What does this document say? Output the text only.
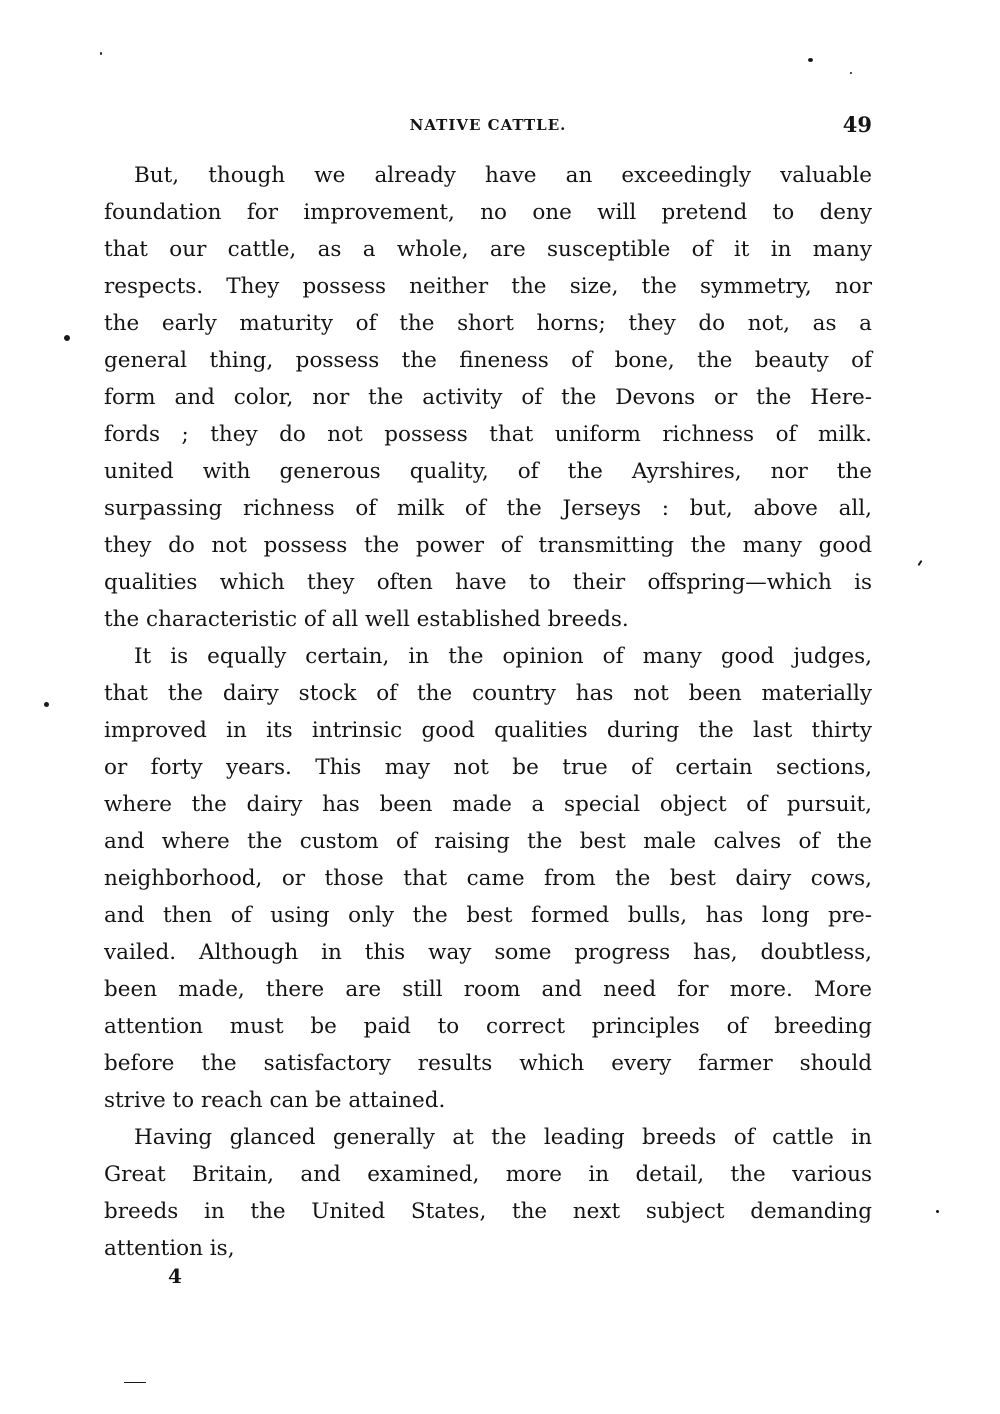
NATIVE CATTLE.	49
But, though we already have an exceedingly valuable
foundation for improvement, no one will pretend to deny
that our cattle, as a whole, are susceptible of it in many
respects. They possess neither the size, the symmetry, nor
the early maturity of the short horns; they do not, as a
general thing, possess the fineness of bone, the beauty of
form and color, nor the activity of the Devons or the Here-
fords ; they do not possess that uniform richness of milk.
united with generous quality, of the Ayrshires, nor the
surpassing richness of milk of the Jerseys : but, above all,
they do not possess the power of transmitting the many good
qualities which they often have to their offspring—which is
the characteristic of all well established breeds.
It is equally certain, in the opinion of many good judges,
that the dairy stock of the country has not been materially
improved in its intrinsic good qualities during the last thirty
or forty years. This may not be true of certain sections,
where the dairy has been made a special object of pursuit,
and where the custom of raising the best male calves of the
neighborhood, or those that came from the best dairy cows,
and then of using only the best formed bulls, has long pre-
vailed. Although in this way some progress has, doubtless,
been made, there are still room and need for more. More
attention must be paid to correct principles of breeding
before the satisfactory results which every farmer should
strive to reach can be attained.
Having glanced generally at the leading breeds of cattle in
Great Britain, and examined, more in detail, the various
breeds in the United States, the next subject demanding
attention is,
4
